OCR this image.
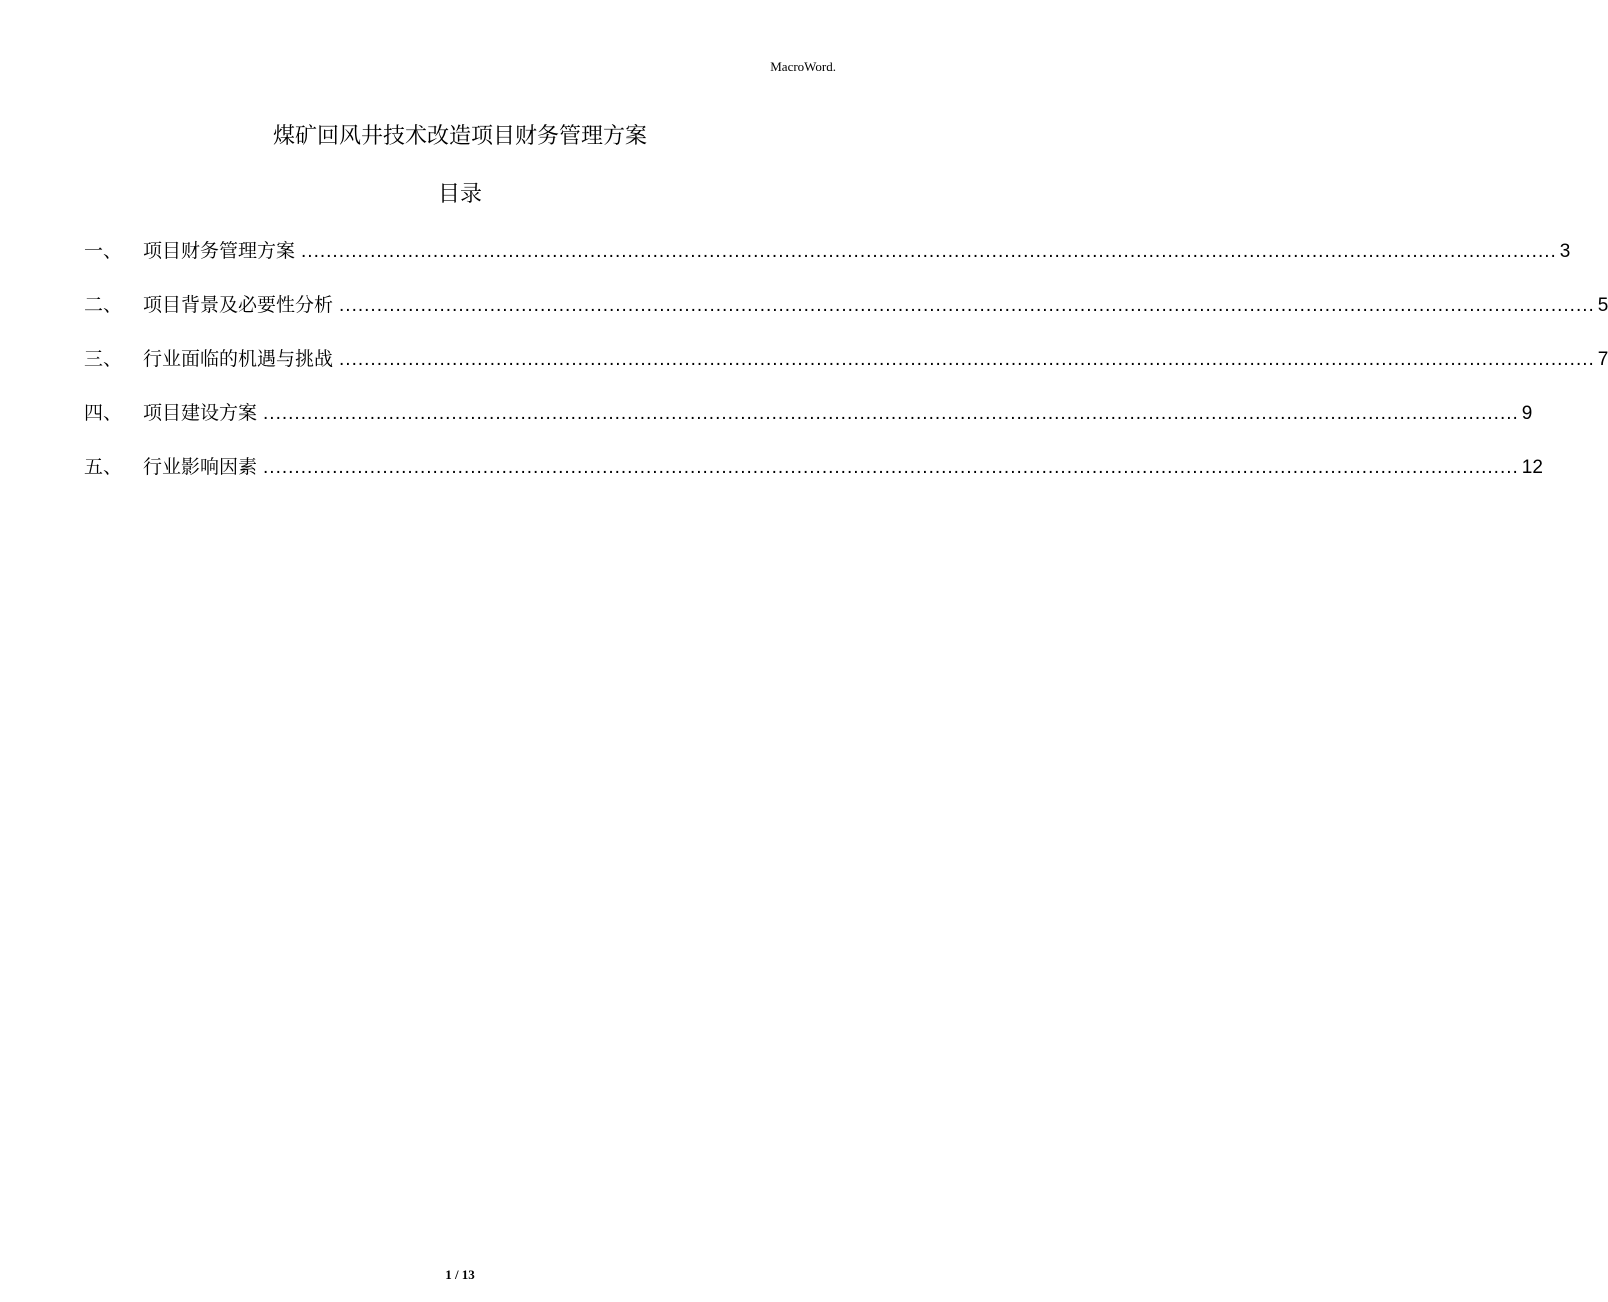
MacroWord.
煤矿回风井技术改造项目财务管理方案
目录
一、	项目财务管理方案 ........................................................................................................................................................................................................ 3
二、	项目背景及必要性分析 ........................................................................................................................................................................................................ 5
三、	行业面临的机遇与挑战 ........................................................................................................................................................................................................ 7
四、	项目建设方案 ........................................................................................................................................................................................................ 9
五、	行业影响因素 ........................................................................................................................................................................................................ 12
1 / 13
